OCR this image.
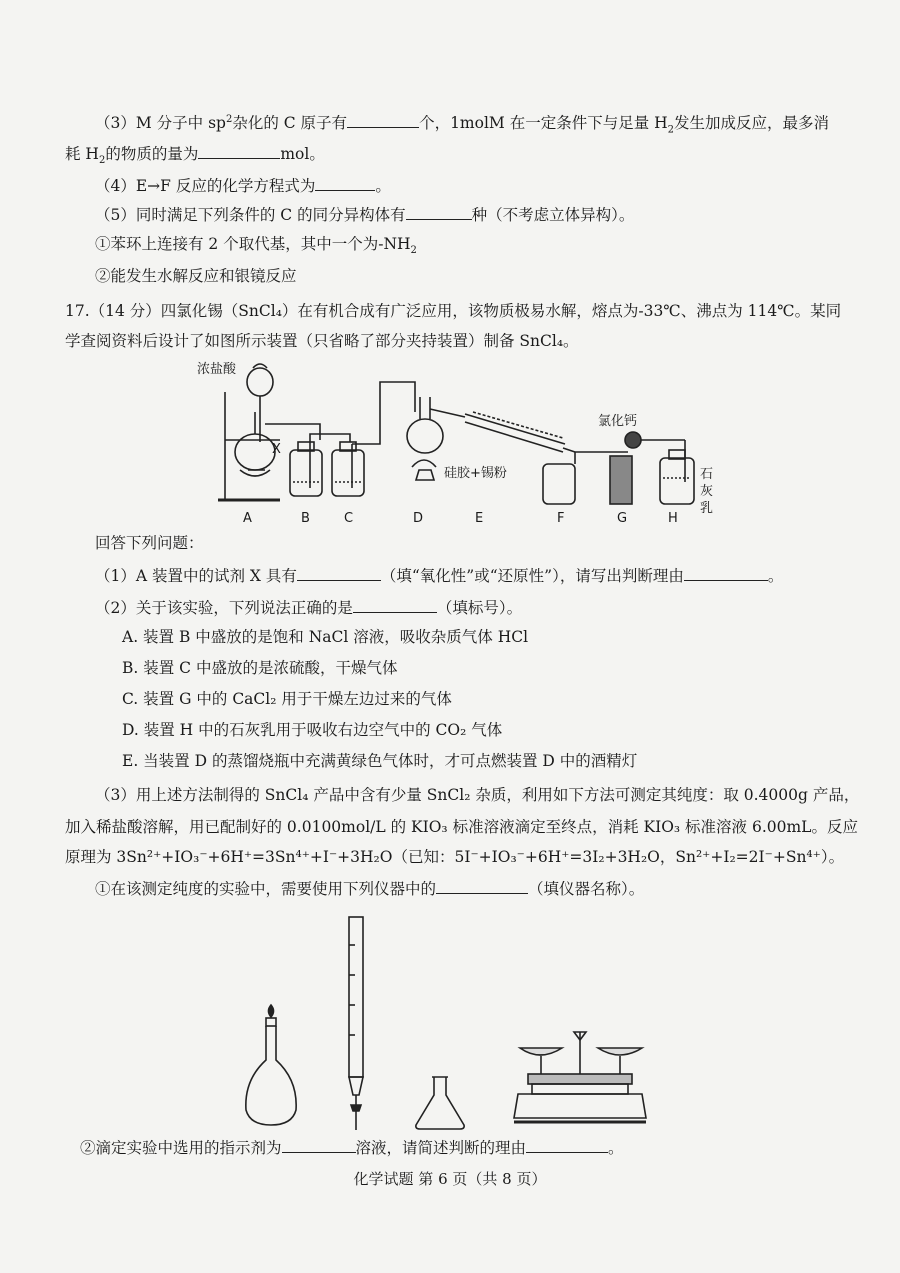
（3）M 分子中 $sp^2$杂化的 C 原子有	个，1molM 在一定条件下与足量 $H_2$发生加成反应，最多消
耗 $H_2$的物质的量为	mol。
（4）E→F 反应的化学方程式为	。
（5）同时满足下列条件的 C 的同分异构体有	种（不考虑立体异构）。
①苯环上连接有 2 个取代基，其中一个为$-NH_2$
②能发生水解反应和银镜反应
17.（14 分）四氯化锡（SnCl₄）在有机合成有广泛应用，该物质极易水解，熔点为-33℃、沸点为 114℃。某同
学查阅资料后设计了如图所示装置（只省略了部分夹持装置）制备 SnCl₄。
浓盐酸
X
氯化钙
硅胶+锡粉	石
灰
乳
A	B	C	D	E	F	G	H
回答下列问题：
（1）A 装置中的试剂 X 具有	（填“氧化性”或“还原性”），请写出判断理由	。
（2）关于该实验，下列说法正确的是	（填标号）。
A. 装置 B 中盛放的是饱和 NaCl 溶液，吸收杂质气体 HCl
B. 装置 C 中盛放的是浓硫酸，干燥气体
C. 装置 G 中的 CaCl₂ 用于干燥左边过来的气体
D. 装置 H 中的石灰乳用于吸收右边空气中的 CO₂ 气体
E. 当装置 D 的蒸馏烧瓶中充满黄绿色气体时，才可点燃装置 D 中的酒精灯
（3）用上述方法制得的 SnCl₄ 产品中含有少量 SnCl₂ 杂质，利用如下方法可测定其纯度：取 0.4000g 产品，
加入稀盐酸溶解，用已配制好的 0.0100mol/L 的 KIO₃ 标准溶液滴定至终点，消耗 KIO₃ 标准溶液 6.00mL。反应
原理为 3Sn²⁺+IO₃⁻+6H⁺=3Sn⁴⁺+I⁻+3H₂O（已知：5I⁻+IO₃⁻+6H⁺=3I₂+3H₂O，Sn²⁺+I₂=2I⁻+Sn⁴⁺）。
①在该测定纯度的实验中，需要使用下列仪器中的	（填仪器名称）。
②滴定实验中选用的指示剂为	溶液，请简述判断的理由	。
化学试题 第 6 页（共 8 页）
